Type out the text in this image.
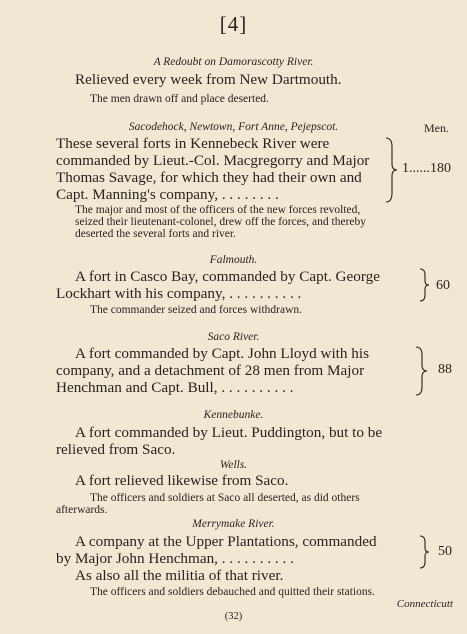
[4]
A Redoubt on Damorascotty River.
Relieved every week from New Dartmouth.
The men drawn off and place deserted.
Sacodehock, Newtown, Fort Anne, Pejepscot.	Men.
These several forts in Kennebeck River were
commanded by Lieut.-Col. Macgregorry and Major
Thomas Savage, for which they had their own and
Capt. Manning's company, . . . . . . . .
1......180
The major and most of the officers of the new forces revolted,
seized their lieutenant-colonel, drew off the forces, and thereby
deserted the several forts and river.
Falmouth.
A fort in Casco Bay, commanded by Capt. George
Lockhart with his company, . . . . . . . . . .	60
The commander seized and forces withdrawn.
Saco River.
A fort commanded by Capt. John Lloyd with his
company, and a detachment of 28 men from Major
Henchman and Capt. Bull, . . . . . . . . . .
88
Kennebunke.
A fort commanded by Lieut. Puddington, but to be
relieved from Saco.
Wells.
A fort relieved likewise from Saco.
The officers and soldiers at Saco all deserted, as did others
afterwards.
Merrymake River.
A company at the Upper Plantations, commanded
by Major John Henchman, . . . . . . . . . .	50
As also all the militia of that river.
The officers and soldiers debauched and quitted their stations.
Connecticutt
(32)
